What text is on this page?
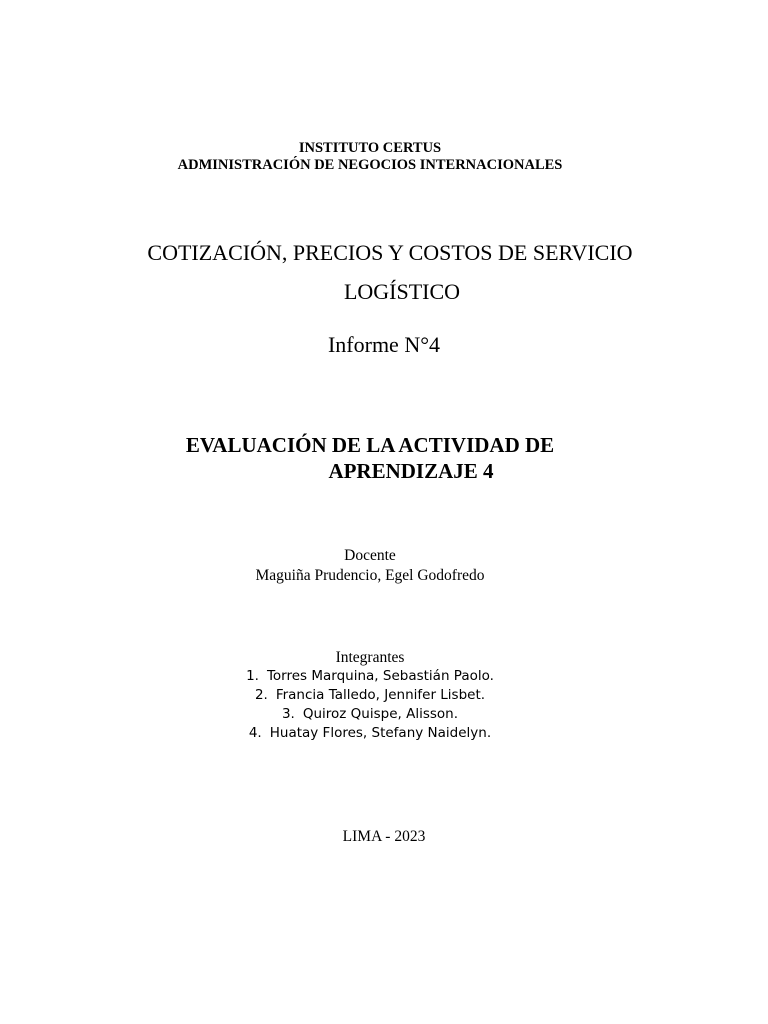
INSTITUTO CERTUS

ADMINISTRACIÓN DE NEGOCIOS INTERNACIONALES

COTIZACIÓN, PRECIOS Y COSTOS DE SERVICIO

LOGÍSTICO

Informe N°4

EVALUACIÓN DE LA ACTIVIDAD DE

APRENDIZAJE 4

Docente

Maguiña Prudencio, Egel Godofredo

Integrantes

1. Torres Marquina, Sebastián Paolo.
2. Francia Talledo, Jennifer Lisbet.
3. Quiroz Quispe, Alisson.
4. Huatay Flores, Stefany Naidelyn.

LIMA - 2023
